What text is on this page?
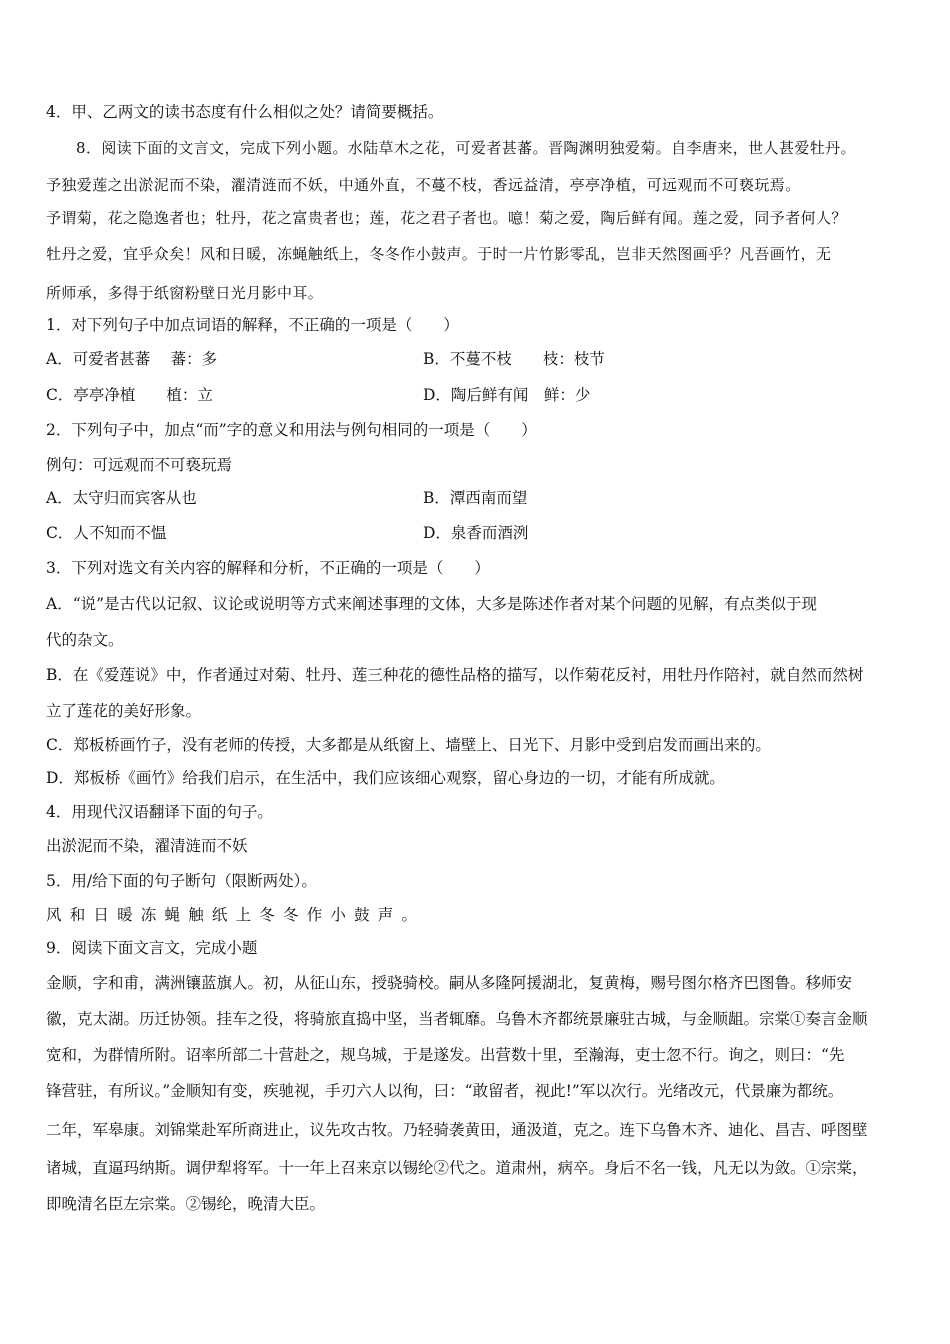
4．甲、乙两文的读书态度有什么相似之处？请简要概括。
8．阅读下面的文言文，完成下列小题。水陆草木之花，可爱者甚蕃。晋陶渊明独爱菊。自李唐来，世人甚爱牡丹。
予独爱莲之出淤泥而不染，濯清涟而不妖，中通外直，不蔓不枝，香远益清，亭亭净植，可远观而不可亵玩焉。
予谓菊，花之隐逸者也；牡丹，花之富贵者也；莲，花之君子者也。噫！菊之爱，陶后鲜有闻。莲之爱，同予者何人？
牡丹之爱，宜乎众矣！风和日暖，冻蝇触纸上，冬冬作小鼓声。于时一片竹影零乱，岂非天然图画乎？凡吾画竹，无
所师承，多得于纸窗粉壁日光月影中耳。
1．对下列句子中加点词语的解释，不正确的一项是（　　）
A．可爱者甚蕃　 蕃：多	B．不蔓不枝　　枝：枝节
C．亭亭净植　　植：立	D．陶后鲜有闻　鲜：少
2．下列句子中，加点“而”字的意义和用法与例句相同的一项是（　　）
例句：可远观而不可亵玩焉
A．太守归而宾客从也	B．潭西南而望
C．人不知而不愠	D．泉香而酒洌
3．下列对选文有关内容的解释和分析，不正确的一项是（　　）
A．“说”是古代以记叙、议论或说明等方式来阐述事理的文体，大多是陈述作者对某个问题的见解，有点类似于现
代的杂文。
B．在《爱莲说》中，作者通过对菊、牡丹、莲三种花的德性品格的描写，以作菊花反衬，用牡丹作陪衬，就自然而然树
立了莲花的美好形象。
C．郑板桥画竹子，没有老师的传授，大多都是从纸窗上、墙壁上、日光下、月影中受到启发而画出来的。
D．郑板桥《画竹》给我们启示，在生活中，我们应该细心观察，留心身边的一切，才能有所成就。
4．用现代汉语翻译下面的句子。
出淤泥而不染，濯清涟而不妖
5．用/给下面的句子断句（限断两处）。
风和日暖冻蝇触纸上冬冬作小鼓声。
9．阅读下面文言文，完成小题
金顺，字和甫，满洲镶蓝旗人。初，从征山东，授骁骑校。嗣从多隆阿援湖北，复黄梅，赐号图尔格齐巴图鲁。移师安
徽，克太湖。历迁协领。挂车之役，将骑旅直捣中坚，当者辄靡。乌鲁木齐都统景廉驻古城，与金顺龃。宗棠①奏言金顺
宽和，为群情所附。诏率所部二十营赴之，规乌城，于是遂发。出营数十里，至瀚海，吏士忽不行。询之，则曰：“先
锋营驻，有所议。”金顺知有变，疾驰视，手刃六人以徇，曰：“敢留者，视此!”军以次行。光绪改元，代景廉为都统。
二年，军皋康。刘锦棠赴军所商进止，议先攻古牧。乃轻骑袭黄田，通汲道，克之。连下乌鲁木齐、迪化、昌吉、呼图壁
诸城，直逼玛纳斯。调伊犁将军。十一年上召来京以锡纶②代之。道肃州，病卒。身后不名一钱，凡无以为敛。①宗棠，
即晚清名臣左宗棠。②锡纶，晚清大臣。
